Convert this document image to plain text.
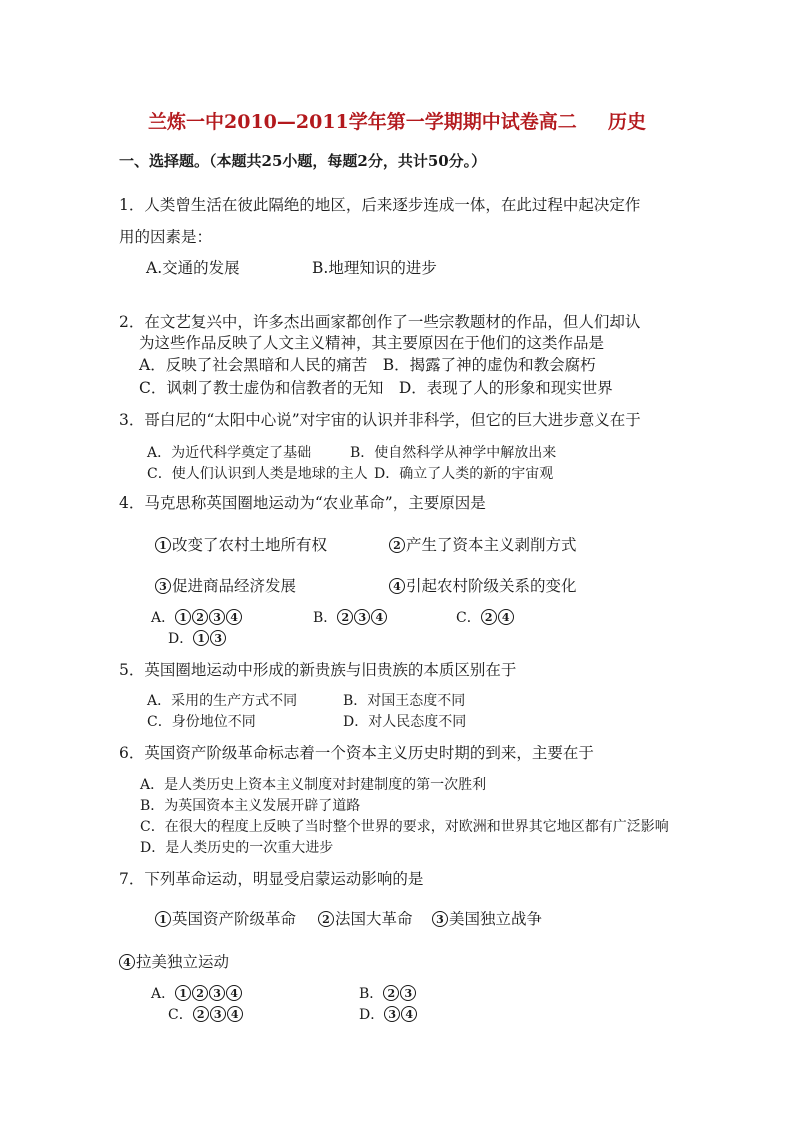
兰炼一中2010—2011学年第一学期期中试卷高二 历史
一、选择题。（本题共25小题，每题2分，共计50分。）
1．人类曾生活在彼此隔绝的地区，后来逐步连成一体，在此过程中起决定作
用的因素是：
A.交通的发展	B.地理知识的进步
2．在文艺复兴中，许多杰出画家都创作了一些宗教题材的作品，但人们却认
为这些作品反映了人文主义精神，其主要原因在于他们的这类作品是
A．反映了社会黑暗和人民的痛苦　B．揭露了神的虚伪和教会腐朽
C．讽刺了教士虚伪和信教者的无知　D．表现了人的形象和现实世界
3．哥白尼的“太阳中心说”对宇宙的认识并非科学，但它的巨大进步意义在于
A．为近代科学奠定了基础	B．使自然科学从神学中解放出来
C．使人们认识到人类是地球的主人 D．确立了人类的新的宇宙观
4．马克思称英国圈地运动为“农业革命”，主要原因是
1 改变了农村土地所有权	2 产生了资本主义剥削方式
3 促进商品经济发展	4 引起农村阶级关系的变化
A． 1 2 3 4	B． 2 3 4	C． 2 4
D． 1 3
5．英国圈地运动中形成的新贵族与旧贵族的本质区别在于
A．采用的生产方式不同	B．对国王态度不同
C．身份地位不同	D．对人民态度不同
6．英国资产阶级革命标志着一个资本主义历史时期的到来，主要在于
A．是人类历史上资本主义制度对封建制度的第一次胜利
B．为英国资本主义发展开辟了道路
C．在很大的程度上反映了当时整个世界的要求，对欧洲和世界其它地区都有广泛影响
D．是人类历史的一次重大进步
7．下列革命运动，明显受启蒙运动影响的是
1 英国资产阶级革命	2 法国大革命	3 美国独立战争
4 拉美独立运动
A． 1 2 3 4	B． 2 3
C． 2 3 4	D． 3 4
